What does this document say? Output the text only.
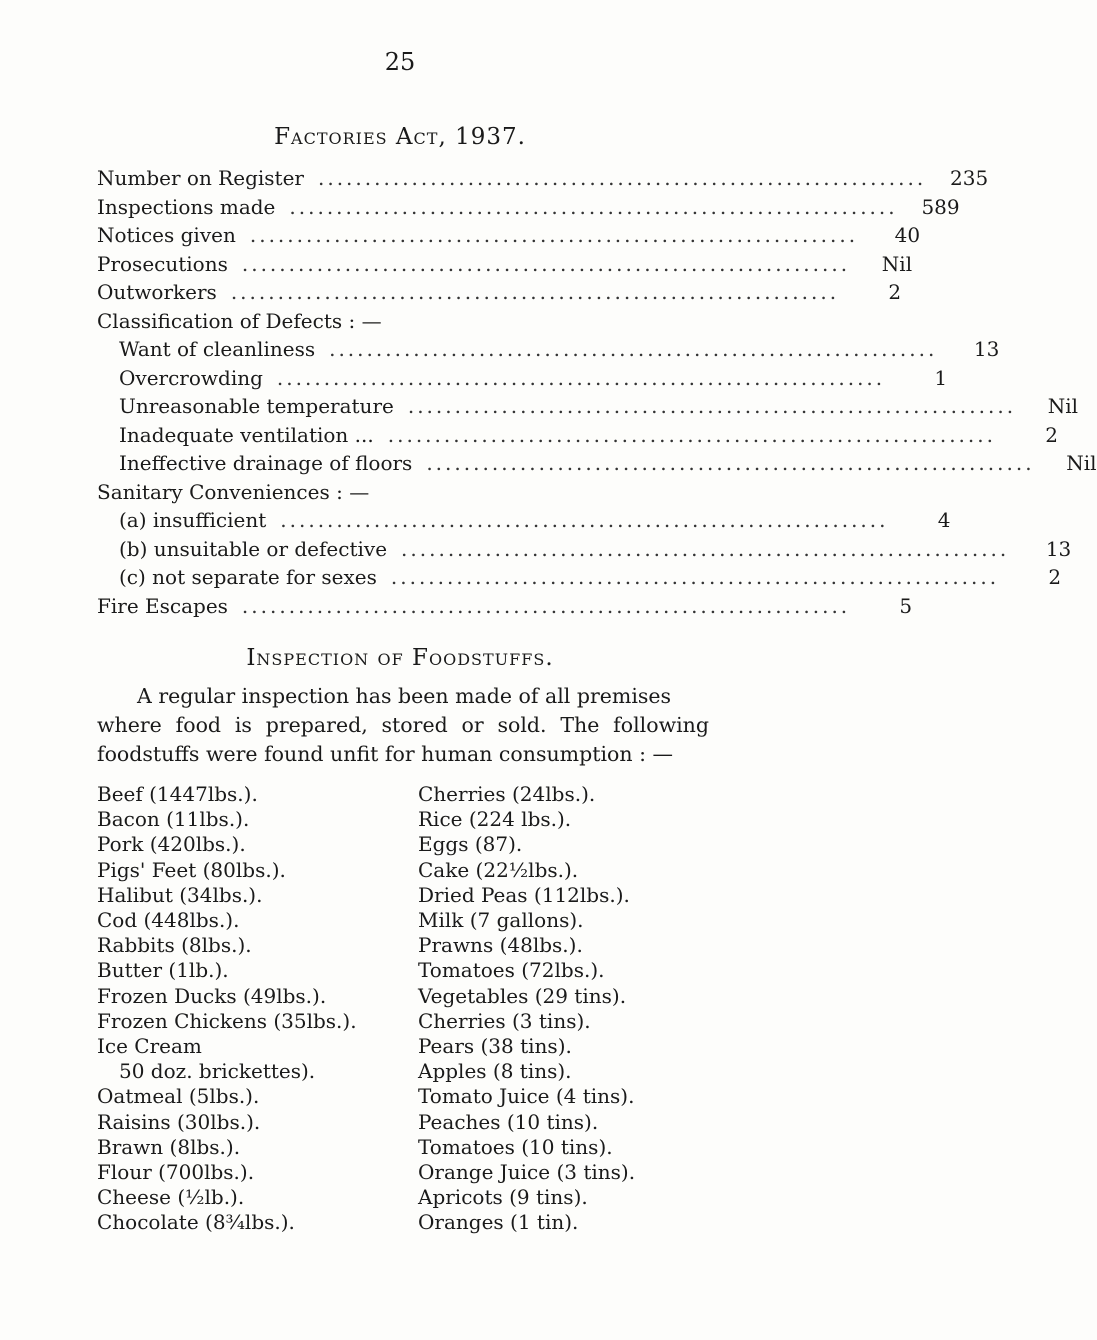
25
Factories Act, 1937.
Number on Register .................................................................	235
Inspections made .................................................................	589
Notices given .................................................................	40
Prosecutions .................................................................	Nil
Outworkers .................................................................	2
Classification of Defects : —
Want of cleanliness .................................................................	13
Overcrowding .................................................................	1
Unreasonable temperature .................................................................	Nil
Inadequate ventilation ... .................................................................	2
Ineffective drainage of floors .................................................................	Nil
Sanitary Conveniences : —
(a) insufficient .................................................................	4
(b) unsuitable or defective .................................................................	13
(c) not separate for sexes .................................................................	2
Fire Escapes .................................................................	5
Inspection of Foodstuffs.
A regular inspection has been made of all premises
where food is prepared, stored or sold. The following foodstuffs were found unfit for human consumption : —
Beef (1447lbs.).
Bacon (11lbs.).
Pork (420lbs.).
Pigs' Feet (80lbs.).
Halibut (34lbs.).
Cod (448lbs.).
Rabbits (8lbs.).
Butter (1lb.).
Frozen Ducks (49lbs.).
Frozen Chickens (35lbs.).
Ice Cream
50 doz. brickettes).
Oatmeal (5lbs.).
Raisins (30lbs.).
Brawn (8lbs.).
Flour (700lbs.).
Cheese (½lb.).
Chocolate (8¾lbs.).
Cherries (24lbs.).
Rice (224 lbs.).
Eggs (87).
Cake (22½lbs.).
Dried Peas (112lbs.).
Milk (7 gallons).
Prawns (48lbs.).
Tomatoes (72lbs.).
Vegetables (29 tins).
Cherries (3 tins).
Pears (38 tins).
Apples (8 tins).
Tomato Juice (4 tins).
Peaches (10 tins).
Tomatoes (10 tins).
Orange Juice (3 tins).
Apricots (9 tins).
Oranges (1 tin).
